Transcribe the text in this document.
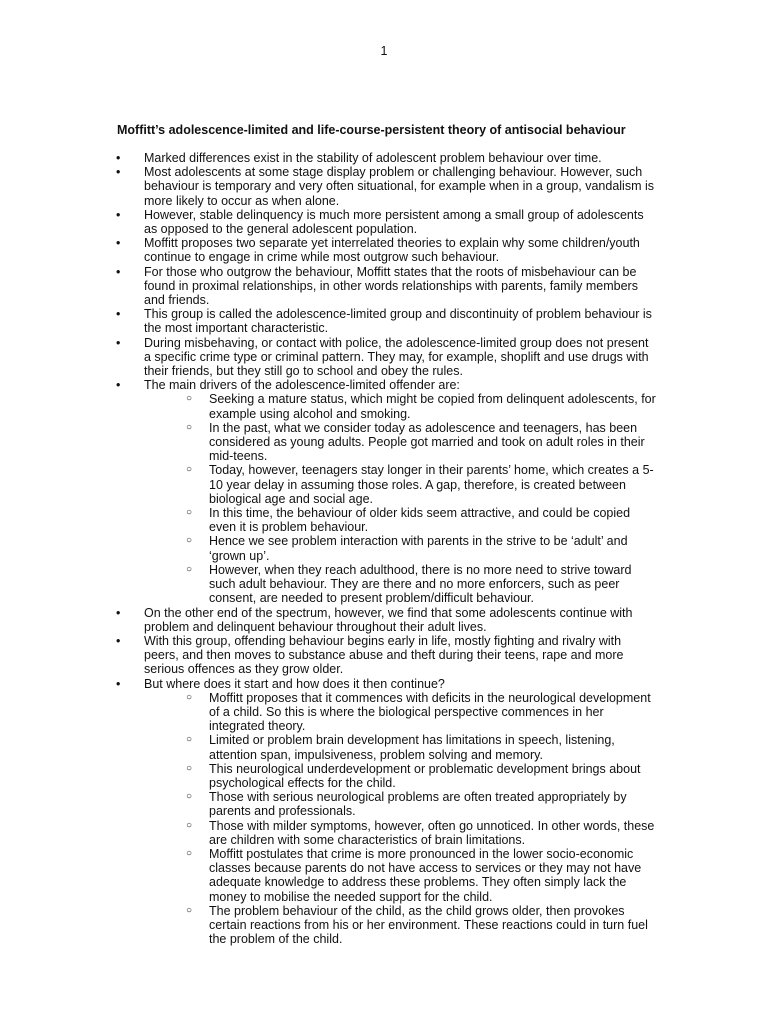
1
Moffitt’s adolescence-limited and life-course-persistent theory of antisocial behaviour
• Marked differences exist in the stability of adolescent problem behaviour over time.
• Most adolescents at some stage display problem or challenging behaviour. However, such behaviour is temporary and very often situational, for example when in a group, vandalism is more likely to occur as when alone.
• However, stable delinquency is much more persistent among a small group of adolescents as opposed to the general adolescent population.
• Moffitt proposes two separate yet interrelated theories to explain why some children/youth continue to engage in crime while most outgrow such behaviour.
• For those who outgrow the behaviour, Moffitt states that the roots of misbehaviour can be found in proximal relationships, in other words relationships with parents, family members and friends.
• This group is called the adolescence-limited group and discontinuity of problem behaviour is the most important characteristic.
• During misbehaving, or contact with police, the adolescence-limited group does not present a specific crime type or criminal pattern. They may, for example, shoplift and use drugs with their friends, but they still go to school and obey the rules.
• The main drivers of the adolescence-limited offender are:
○ Seeking a mature status, which might be copied from delinquent adolescents, for example using alcohol and smoking.
○ In the past, what we consider today as adolescence and teenagers, has been considered as young adults. People got married and took on adult roles in their mid-teens.
○ Today, however, teenagers stay longer in their parents’ home, which creates a 5-10 year delay in assuming those roles. A gap, therefore, is created between biological age and social age.
○ In this time, the behaviour of older kids seem attractive, and could be copied even it is problem behaviour.
○ Hence we see problem interaction with parents in the strive to be ‘adult’ and ‘grown up’.
○ However, when they reach adulthood, there is no more need to strive toward such adult behaviour. They are there and no more enforcers, such as peer consent, are needed to present problem/difficult behaviour.
• On the other end of the spectrum, however, we find that some adolescents continue with problem and delinquent behaviour throughout their adult lives.
• With this group, offending behaviour begins early in life, mostly fighting and rivalry with peers, and then moves to substance abuse and theft during their teens, rape and more serious offences as they grow older.
• But where does it start and how does it then continue?
○ Moffitt proposes that it commences with deficits in the neurological development of a child. So this is where the biological perspective commences in her integrated theory.
○ Limited or problem brain development has limitations in speech, listening, attention span, impulsiveness, problem solving and memory.
○ This neurological underdevelopment or problematic development brings about psychological effects for the child.
○ Those with serious neurological problems are often treated appropriately by parents and professionals.
○ Those with milder symptoms, however, often go unnoticed. In other words, these are children with some characteristics of brain limitations.
○ Moffitt postulates that crime is more pronounced in the lower socio-economic classes because parents do not have access to services or they may not have adequate knowledge to address these problems. They often simply lack the money to mobilise the needed support for the child.
○ The problem behaviour of the child, as the child grows older, then provokes certain reactions from his or her environment. These reactions could in turn fuel the problem of the child.
